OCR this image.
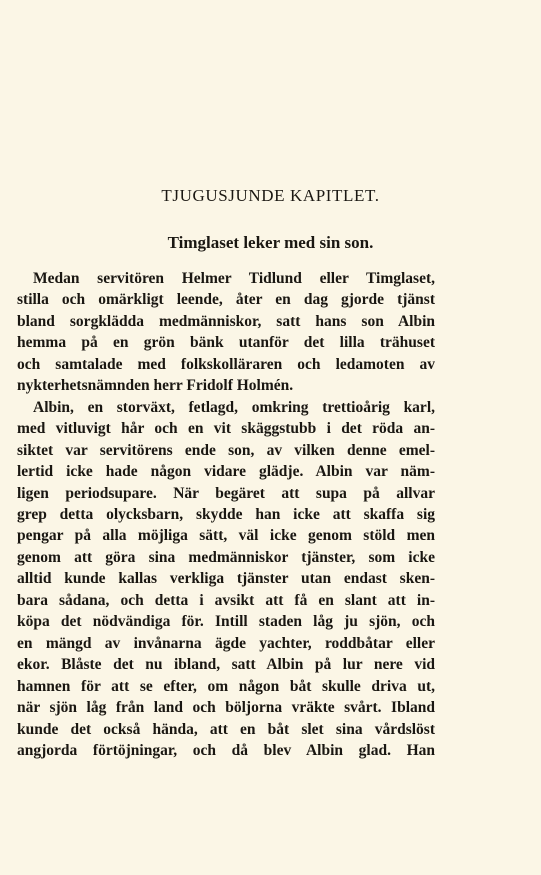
TJUGUSJUNDE KAPITLET.
Timglaset leker med sin son.
Medan servitören Helmer Tidlund eller Timglaset,
stilla och omärkligt leende, åter en dag gjorde tjänst
bland sorgklädda medmänniskor, satt hans son Albin
hemma på en grön bänk utanför det lilla trähuset
och samtalade med folkskolläraren och ledamoten av
nykterhetsnämnden herr Fridolf Holmén.
Albin, en storväxt, fetlagd, omkring trettioårig karl,
med vitluvigt hår och en vit skäggstubb i det röda an-
siktet var servitörens ende son, av vilken denne emel-
lertid icke hade någon vidare glädje. Albin var näm-
ligen periodsupare. När begäret att supa på allvar
grep detta olycksbarn, skydde han icke att skaffa sig
pengar på alla möjliga sätt, väl icke genom stöld men
genom att göra sina medmänniskor tjänster, som icke
alltid kunde kallas verkliga tjänster utan endast sken-
bara sådana, och detta i avsikt att få en slant att in-
köpa det nödvändiga för. Intill staden låg ju sjön, och
en mängd av invånarna ägde yachter, roddbåtar eller
ekor. Blåste det nu ibland, satt Albin på lur nere vid
hamnen för att se efter, om någon båt skulle driva ut,
när sjön låg från land och böljorna vräkte svårt. Ibland
kunde det också hända, att en båt slet sina vårdslöst
angjorda förtöjningar, och då blev Albin glad. Han
